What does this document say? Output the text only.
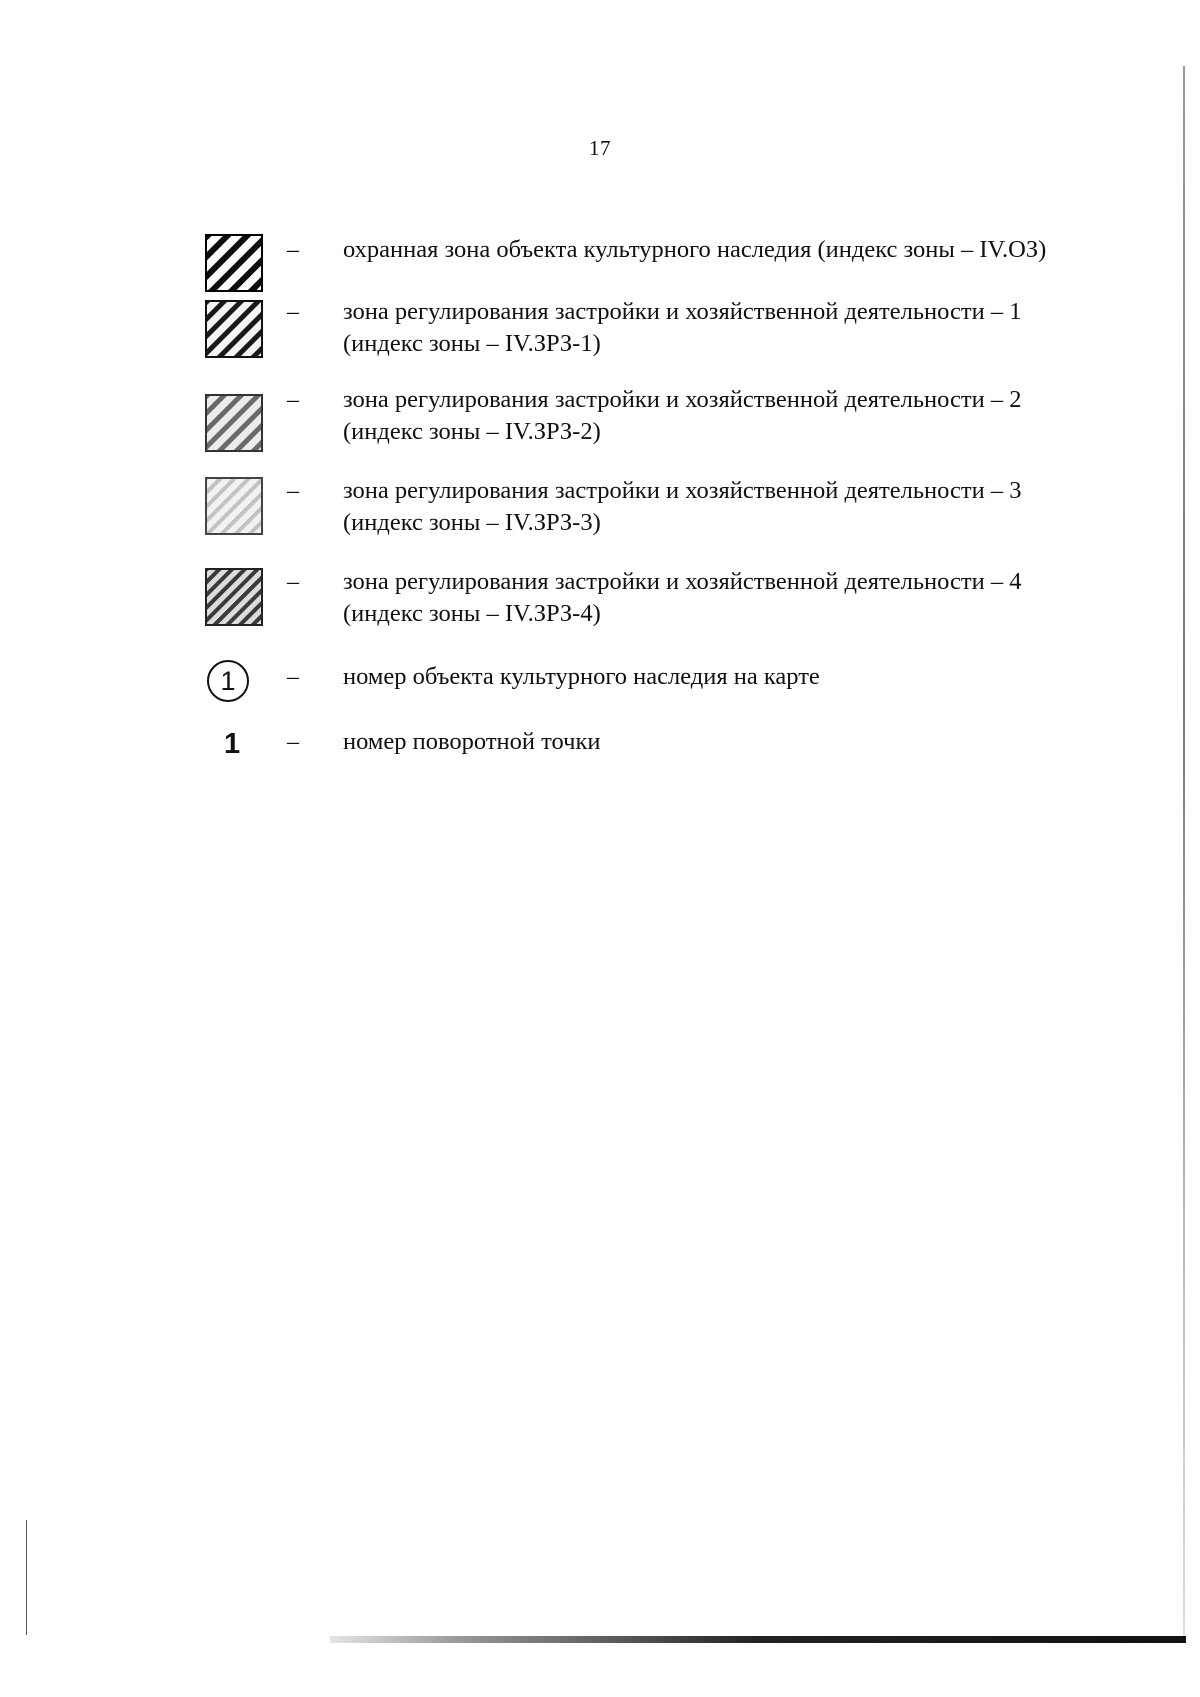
17
– охранная зона объекта культурного наследия (индекс зоны – IV.ОЗ)
– зона регулирования застройки и хозяйственной деятельности – 1
(индекс зоны – IV.ЗРЗ-1)
– зона регулирования застройки и хозяйственной деятельности – 2
(индекс зоны – IV.ЗРЗ-2)
– зона регулирования застройки и хозяйственной деятельности – 3
(индекс зоны – IV.ЗРЗ-3)
– зона регулирования застройки и хозяйственной деятельности – 4
(индекс зоны – IV.ЗРЗ-4)
1	– номер объекта культурного наследия на карте
1 – номер поворотной точки
